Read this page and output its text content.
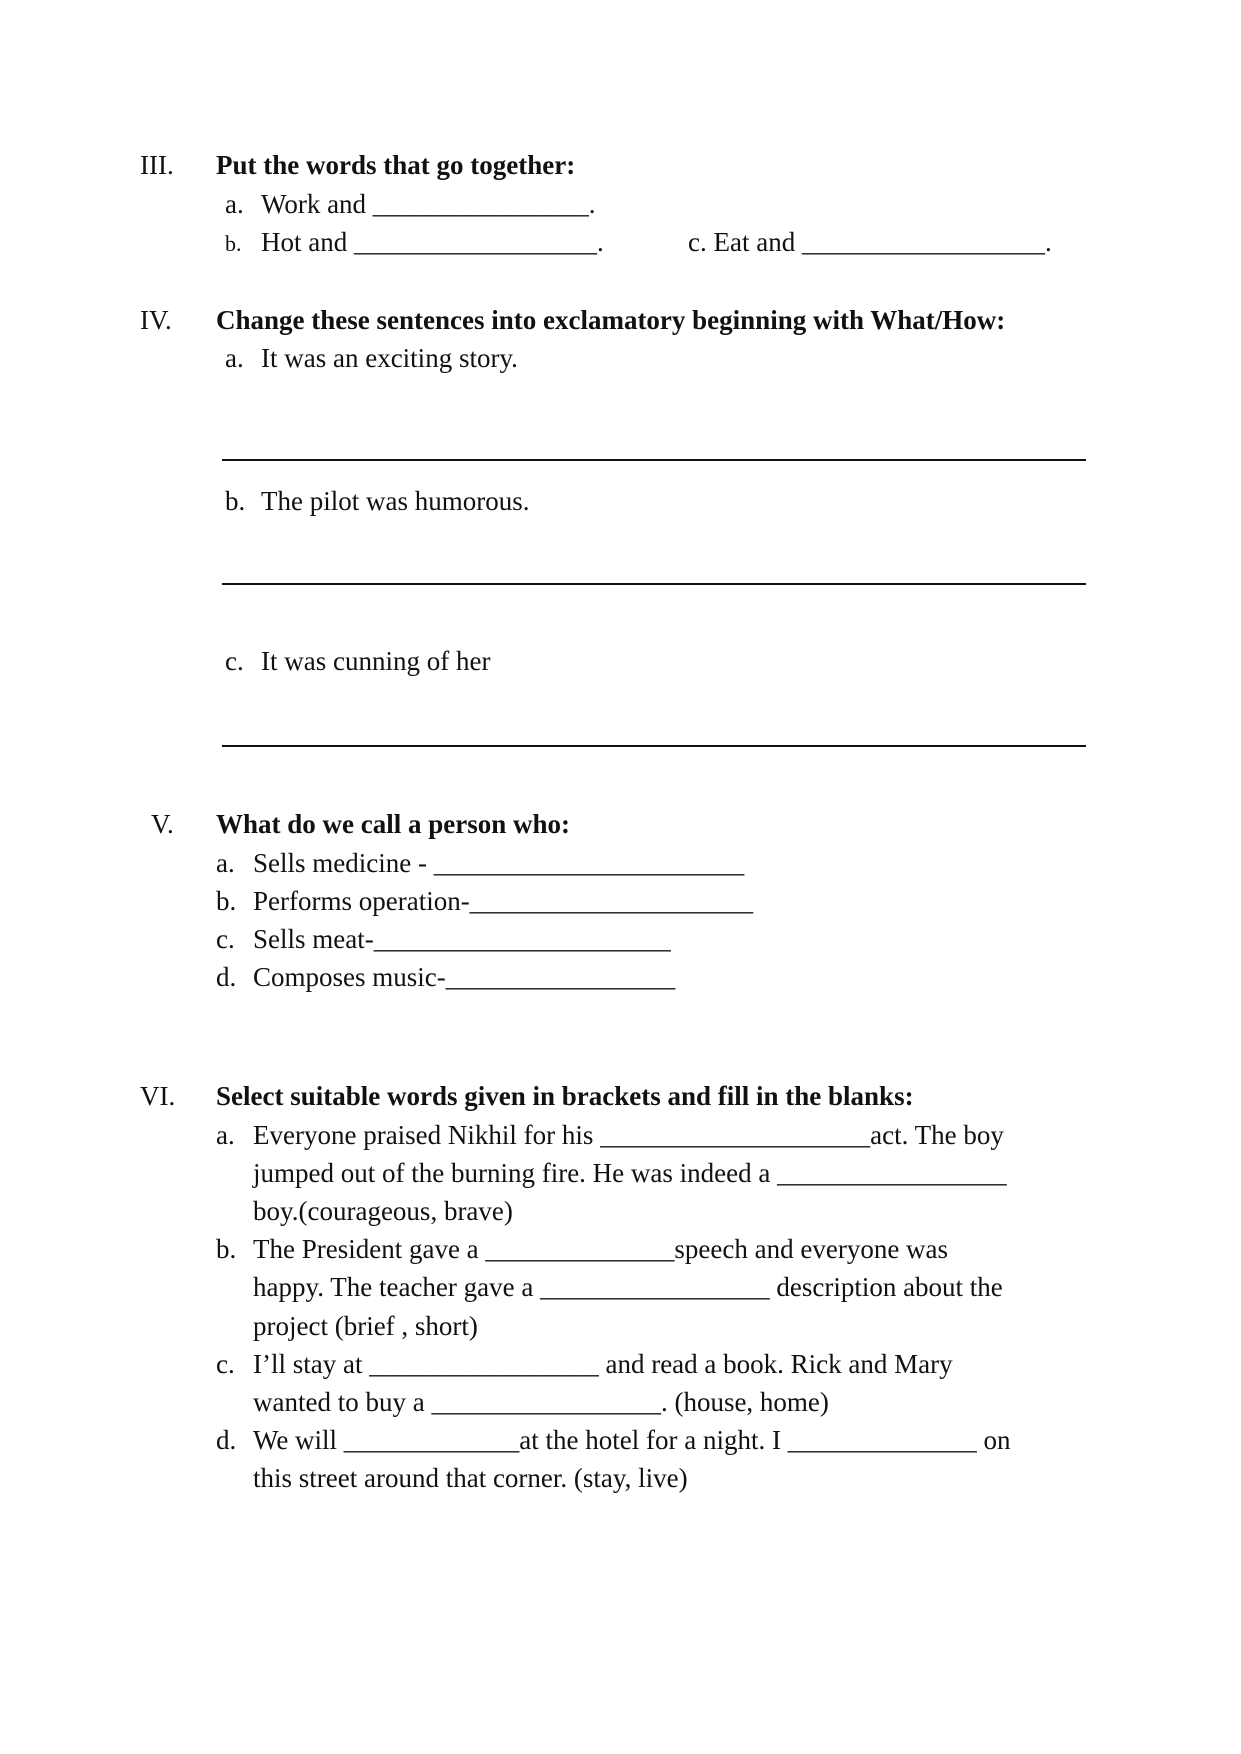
III. Put the words that go together:
a. Work and ________________.
b. Hot and __________________.	c. Eat and __________________.
IV. Change these sentences into exclamatory beginning with What/How:
a. It was an exciting story.
b. The pilot was humorous.
c. It was cunning of her
V. What do we call a person who:
a. Sells medicine - _______________________
b. Performs operation-_____________________
c. Sells meat-______________________
d. Composes music-_________________
VI. Select suitable words given in brackets and fill in the blanks:
a. Everyone praised Nikhil for his ____________________act. The boy
jumped out of the burning fire. He was indeed a _________________
boy.(courageous, brave)
b. The President gave a ______________speech and everyone was
happy. The teacher gave a _________________ description about the
project (brief , short)
c. I’ll stay at _________________ and read a book. Rick and Mary
wanted to buy a _________________. (house, home)
d. We will _____________at the hotel for a night. I ______________ on
this street around that corner. (stay, live)
